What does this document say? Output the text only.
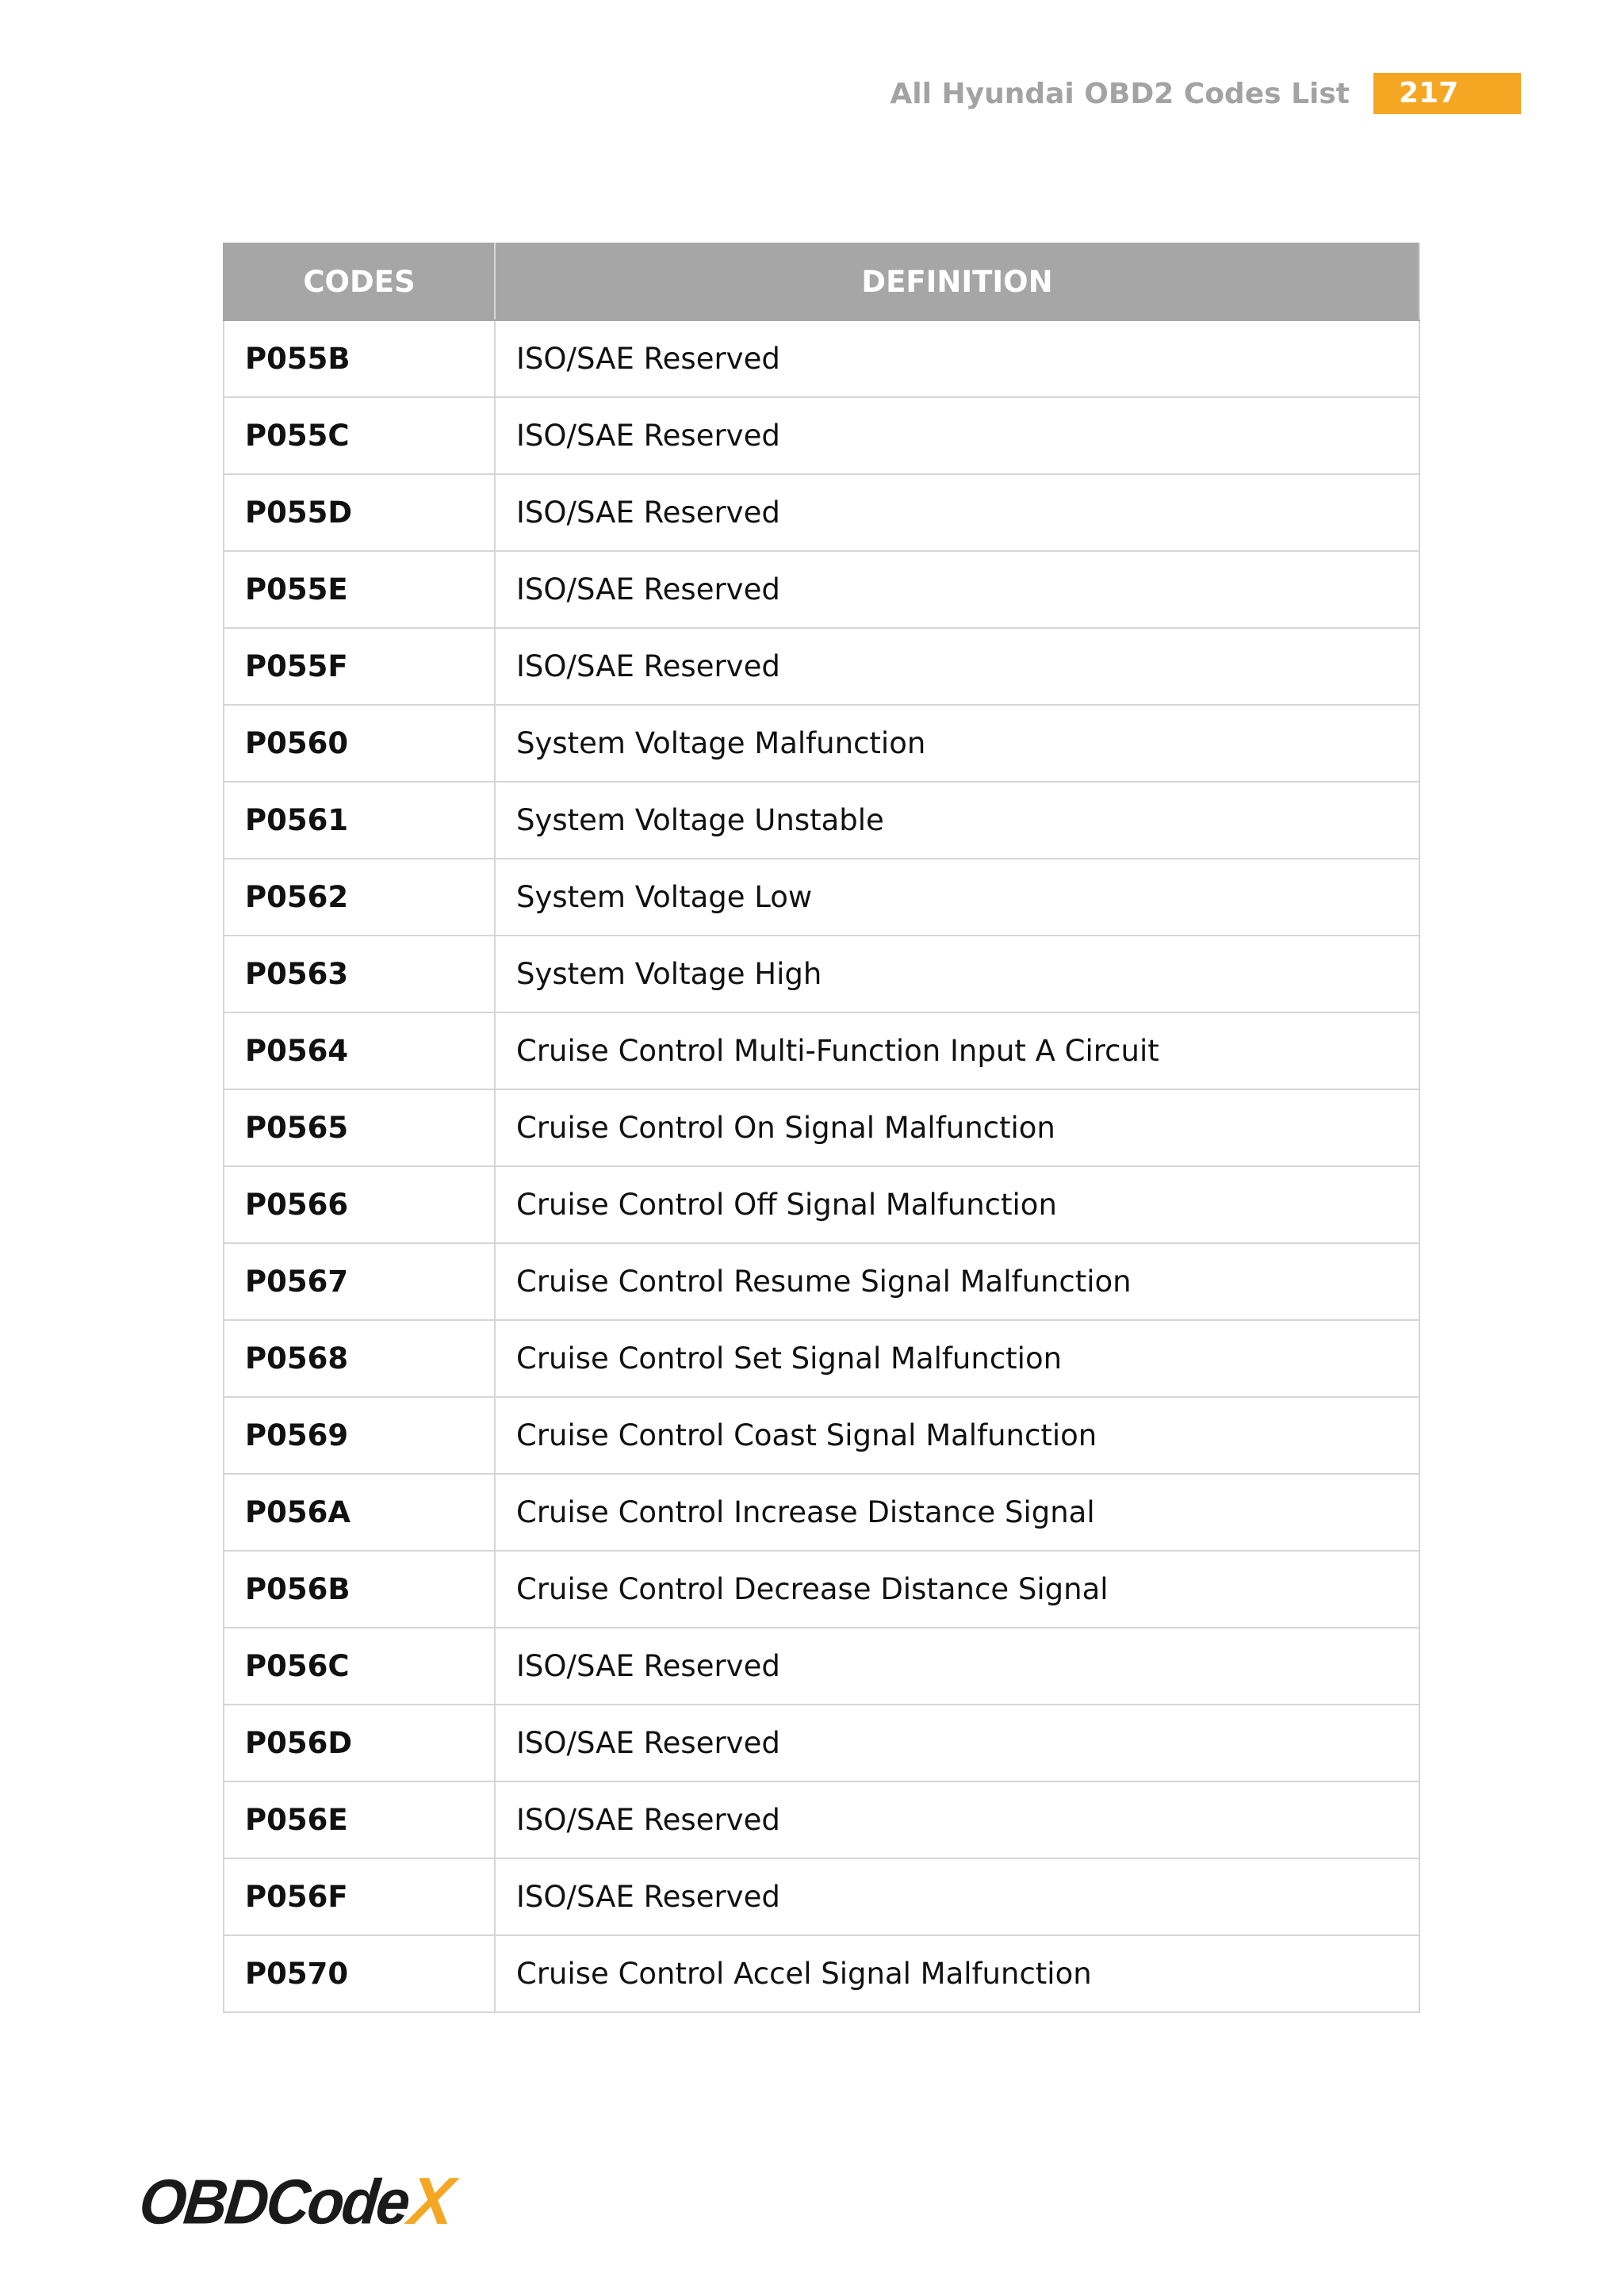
All Hyundai OBD2 Codes List	217
CODES	DEFINITION
P055B	ISO/SAE Reserved
P055C	ISO/SAE Reserved
P055D	ISO/SAE Reserved
P055E	ISO/SAE Reserved
P055F	ISO/SAE Reserved
P0560	System Voltage Malfunction
P0561	System Voltage Unstable
P0562	System Voltage Low
P0563	System Voltage High
P0564	Cruise Control Multi-Function Input A Circuit
P0565	Cruise Control On Signal Malfunction
P0566	Cruise Control Off Signal Malfunction
P0567	Cruise Control Resume Signal Malfunction
P0568	Cruise Control Set Signal Malfunction
P0569	Cruise Control Coast Signal Malfunction
P056A	Cruise Control Increase Distance Signal
P056B	Cruise Control Decrease Distance Signal
P056C	ISO/SAE Reserved
P056D	ISO/SAE Reserved
P056E	ISO/SAE Reserved
P056F	ISO/SAE Reserved
P0570	Cruise Control Accel Signal Malfunction
OBDCode
X
